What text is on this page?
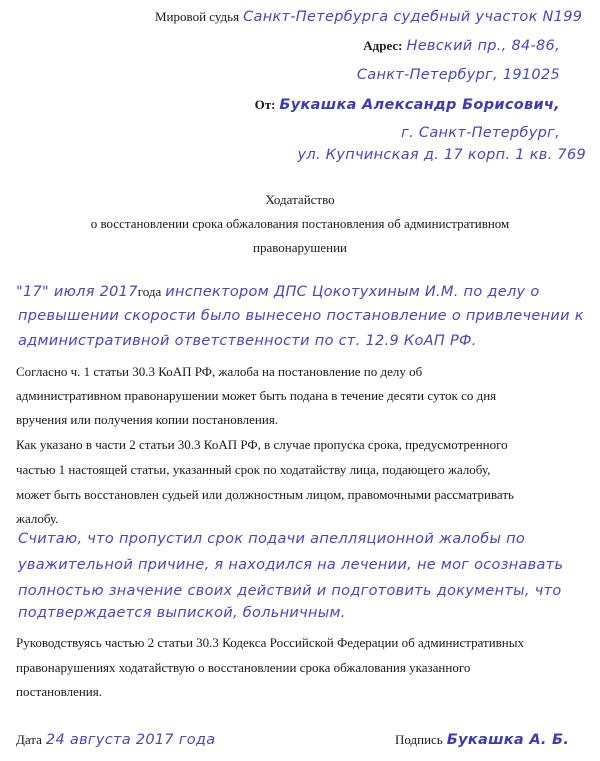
Мировой судья Санкт-Петербурга судебный участок N199
Адрес: Невский пр., 84-86,
Санкт-Петербург, 191025
От: Букашка Александр Борисович,
г. Санкт-Петербург,
ул. Купчинская д. 17 корп. 1 кв. 769
Ходатайство
о восстановлении срока обжалования постановления об административном
правонарушении
"17" июля 2017года инспектором ДПС Цокотухиным И.М. по делу о
превышении скорости было вынесено постановление о привлечении к
административной ответственности по ст. 12.9 КоАП РФ.
Согласно ч. 1 статьи 30.3 КоАП РФ, жалоба на постановление по делу об
административном правонарушении может быть подана в течение десяти суток со дня
вручения или получения копии постановления.
Как указано в части 2 статьи 30.3 КоАП РФ, в случае пропуска срока, предусмотренного
частью 1 настоящей статьи, указанный срок по ходатайству лица, подающего жалобу,
может быть восстановлен судьей или должностным лицом, правомочными рассматривать
жалобу.
Считаю, что пропустил срок подачи апелляционной жалобы по
уважительной причине, я находился на лечении, не мог осознавать
полностью значение своих действий и подготовить документы, что
подтверждается выпиской, больничным.
Руководствуясь частью 2 статьи 30.3 Кодекса Российской Федерации об административных
правонарушениях ходатайствую о восстановлении срока обжалования указанного
постановления.
Дата 24 августа 2017 года	Подпись Букашка А. Б.
